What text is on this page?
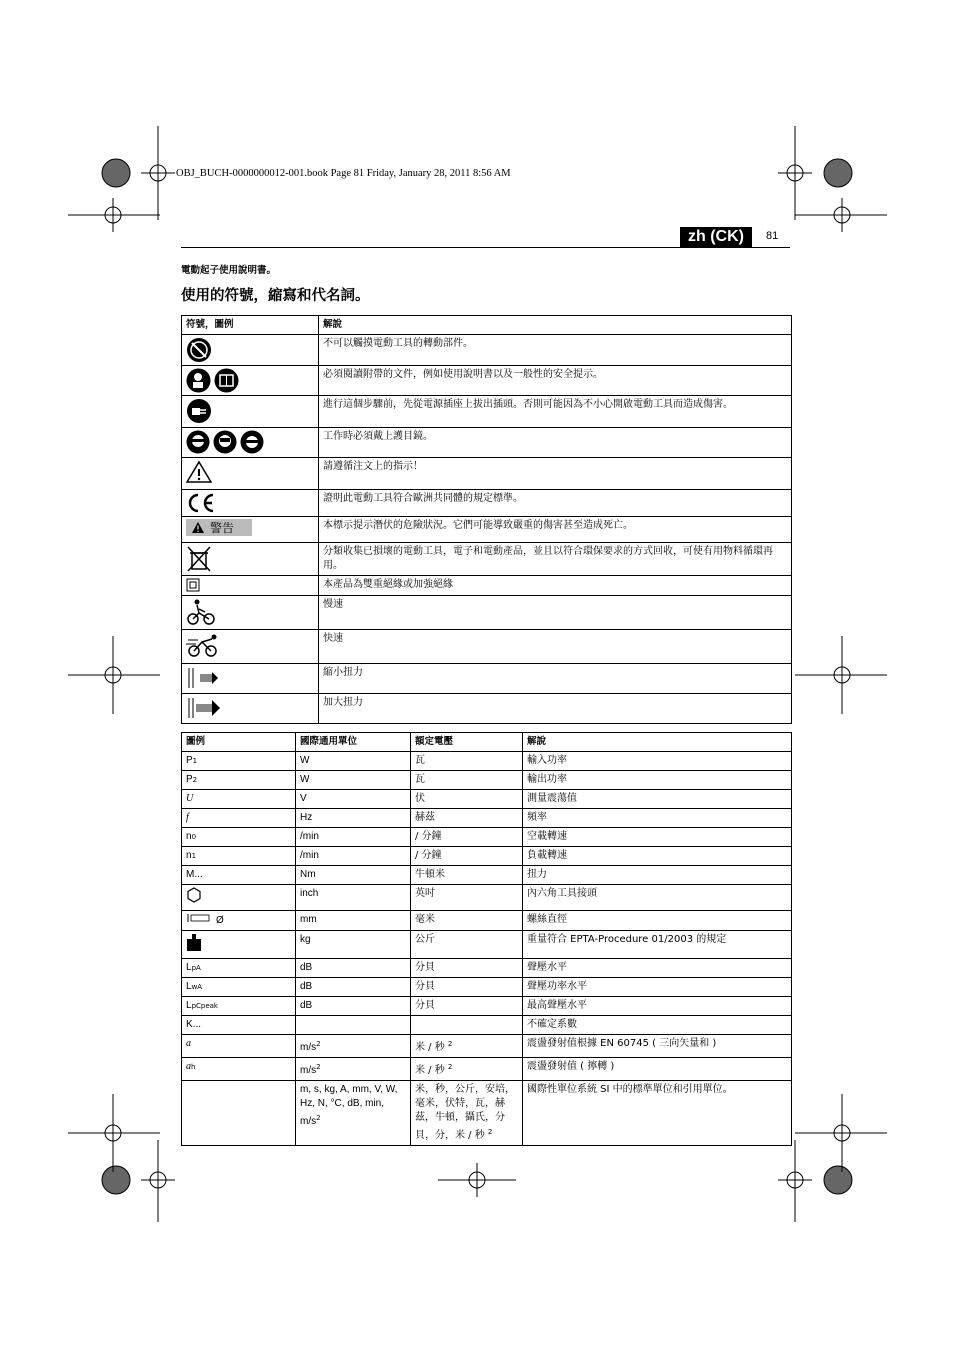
OBJ_BUCH-0000000012-001.book Page 81 Friday, January 28, 2011 8:56 AM
zh (CK)	81
電動起子使用說明書。
使用的符號，縮寫和代名詞。
符號，圖例	解說

	不可以觸摸電動工具的轉動部件。

	必須閱讀附帶的文件，例如使用說明書以及一般性的安全提示。

	進行這個步驟前，先從電源插座上拔出插頭。否則可能因為不小心開啟電動工具而造成傷害。

	工作時必須戴上護目鏡。

	請遵循注文上的指示！

	證明此電動工具符合歐洲共同體的規定標準。

警告	本標示提示潛伏的危險狀況。它們可能導致嚴重的傷害甚至造成死亡。

	分類收集已損壞的電動工具，電子和電動產品，並且以符合環保要求的方式回收，可使有用物料循環再用。

	本產品為雙重絕緣或加強絕緣

	慢速

	快速

	縮小扭力

	加大扭力
圖例	國際通用單位	額定電壓	解說

P 1	W	瓦	輸入功率

P 2	W	瓦	輸出功率

U	V	伏	測量震蕩值

f	Hz	赫茲	頻率

n 0	/min	/ 分鐘	空載轉速

n 1	/min	/ 分鐘	負載轉速

M...	Nm	牛頓米	扭力

	inch	英吋	內六角工具接頭

Ø	mm	毫米	螺絲直徑

	kg	公斤	重量符合 EPTA-Procedure 01/2003 的規定

L pA	dB	分貝	聲壓水平

L wA	dB	分貝	聲壓功率水平

L pCpeak	dB	分貝	最高聲壓水平

K...			不確定系數

a	$m/s^2$	米 / 秒 $^2$	震盪發射值根據 EN 60745 ( 三向矢量和 )

a h	$m/s^2$	米 / 秒 $^2$	震盪發射值 ( 擰轉 )
	m, s, kg, A, mm, V, W, Hz, N, °C, dB, min, $m/s^2$	米，秒，公斤，安培，毫米，伏特，瓦，赫茲，牛頓，攝氏，分貝，分，米 / 秒 $^2$	國際性單位系統 SI 中的標準單位和引用單位。
